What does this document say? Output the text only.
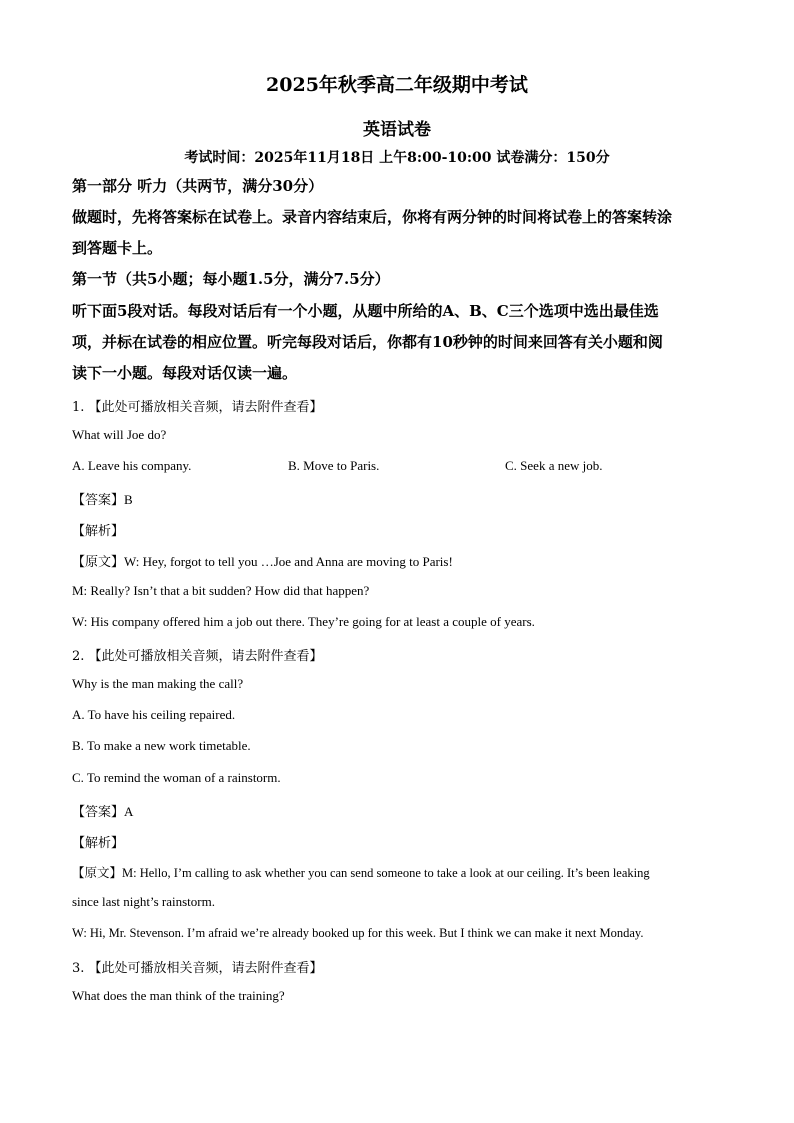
2025年秋季高二年级期中考试
英语试卷
考试时间：2025年11月18日 上午8:00-10:00 试卷满分：150分
第一部分 听力（共两节，满分30分）
做题时，先将答案标在试卷上。录音内容结束后，你将有两分钟的时间将试卷上的答案转涂
到答题卡上。
第一节（共5小题；每小题1.5分，满分7.5分）
听下面5段对话。每段对话后有一个小题，从题中所给的A、B、C三个选项中选出最佳选
项，并标在试卷的相应位置。听完每段对话后，你都有10秒钟的时间来回答有关小题和阅
读下一小题。每段对话仅读一遍。
1. 【此处可播放相关音频，请去附件查看】
What will Joe do?
A. Leave his company.	B. Move to Paris.	C. Seek a new job.
【答案】B
【解析】
【原文】W: Hey, forgot to tell you …Joe and Anna are moving to Paris!
M: Really? Isn’t that a bit sudden? How did that happen?
W: His company offered him a job out there. They’re going for at least a couple of years.
2. 【此处可播放相关音频，请去附件查看】
Why is the man making the call?
A. To have his ceiling repaired.
B. To make a new work timetable.
C. To remind the woman of a rainstorm.
【答案】A
【解析】
【原文】M: Hello, I’m calling to ask whether you can send someone to take a look at our ceiling. It’s been leaking
since last night’s rainstorm.
W: Hi, Mr. Stevenson. I’m afraid we’re already booked up for this week. But I think we can make it next Monday.
3. 【此处可播放相关音频，请去附件查看】
What does the man think of the training?
